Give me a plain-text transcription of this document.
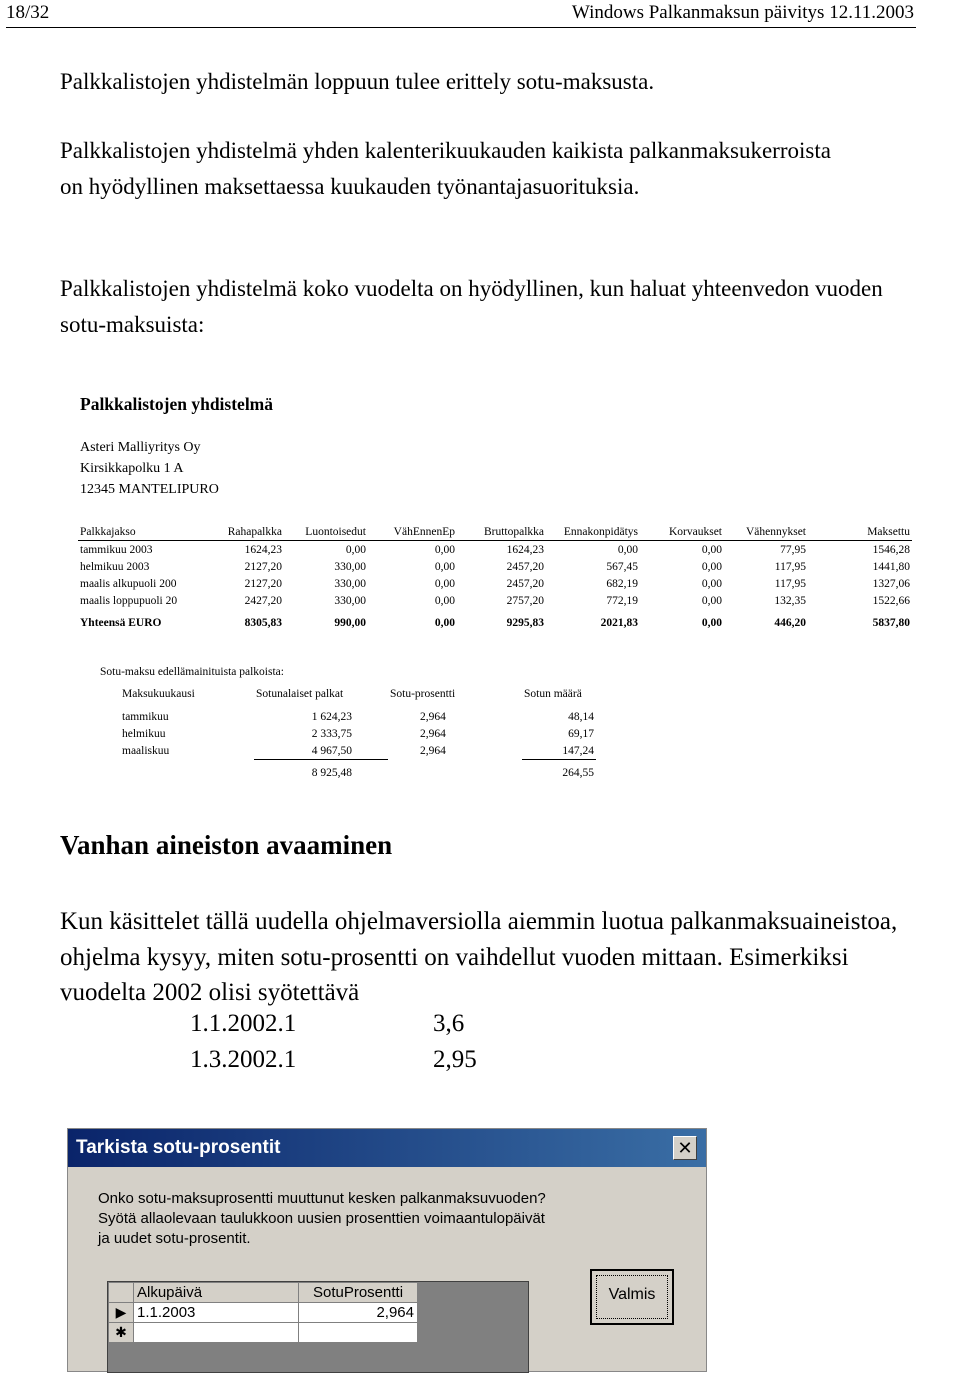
18/32	Windows Palkanmaksun päivitys 12.11.2003
Palkkalistojen yhdistelmän loppuun tulee erittely sotu-maksusta.
Palkkalistojen yhdistelmä yhden kalenterikuukauden kaikista palkanmaksukerroista on hyödyllinen maksettaessa kuukauden työnantajasuorituksia.
Palkkalistojen yhdistelmä koko vuodelta on hyödyllinen, kun haluat yhteenvedon vuoden sotu-maksuista:
Palkkalistojen yhdistelmä
Asteri Malliyritys Oy
Kirsikkapolku 1 A
12345 MANTELIPURO
Palkkajakso	Rahapalkka	Luontoisedut	VähEnnenEp	Bruttopalkka	Ennakonpidätys	Korvaukset	Vähennykset	Maksettu
tammikuu 2003	1624,23	0,00	0,00	1624,23	0,00	0,00	77,95	1546,28
helmikuu 2003	2127,20	330,00	0,00	2457,20	567,45	0,00	117,95	1441,80
maalis alkupuoli 200	2127,20	330,00	0,00	2457,20	682,19	0,00	117,95	1327,06
maalis loppupuoli 20	2427,20	330,00	0,00	2757,20	772,19	0,00	132,35	1522,66
Yhteensä EURO	8305,83	990,00	0,00	9295,83	2021,83	0,00	446,20	5837,80
Sotu-maksu edellämainituista palkoista:
Maksukuukausi	Sotunalaiset palkat	Sotu-prosentti	Sotun määrä
tammikuu	1 624,23	2,964	48,14
helmikuu	2 333,75	2,964	69,17
maaliskuu	4 967,50	2,964	147,24
	8 925,48		264,55
Vanhan aineiston avaaminen
Kun käsittelet tällä uudella ohjelmaversiolla aiemmin luotua palkanmaksuaineistoa, ohjelma kysyy, miten sotu-prosentti on vaihdellut vuoden mittaan. Esimerkiksi vuodelta 2002 olisi syötettävä
1.1.2002.1	3,6
1.3.2002.1	2,95
Tarkista sotu-prosentit	✕
Onko sotu-maksuprosentti muuttunut kesken palkanmaksuvuoden?
Syötä allaolevaan taulukkoon uusien prosenttien voimaantulopäivät
ja uudet sotu-prosentit.
	Alkupäivä	SotuProsentti
▶	1.1.2003	2,964
✱		
Valmis
